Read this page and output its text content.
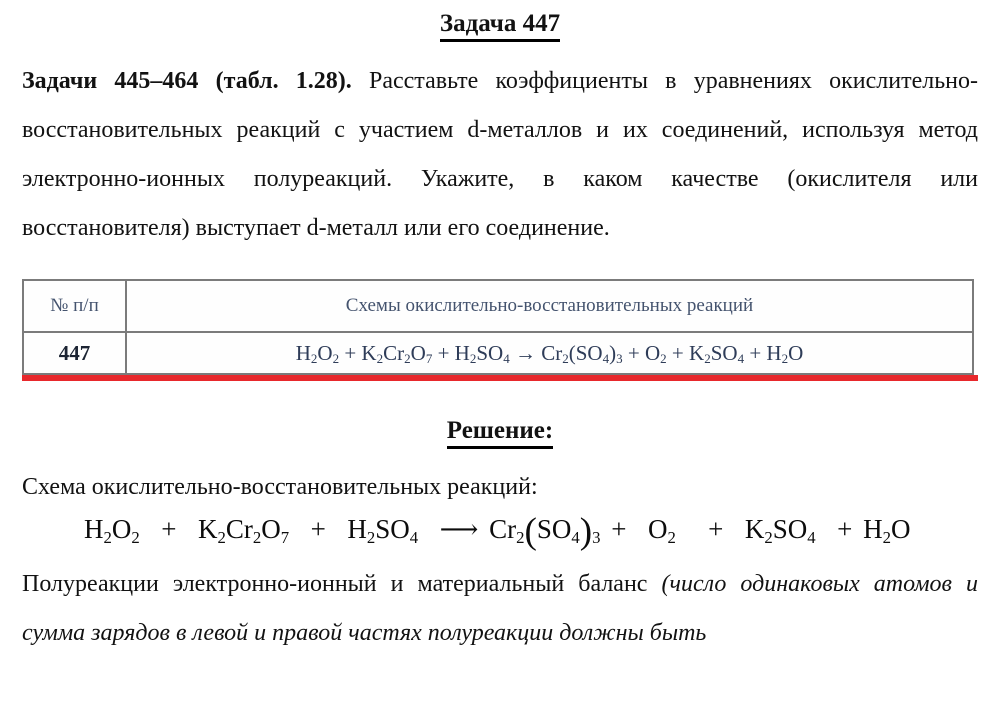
Задача 447

Задачи 445–464 (табл. 1.28). Расставьте коэффициенты в уравнениях окислительно-восстановительных реакций с участием d-металлов и их соединений, используя метод электронно-ионных полуреакций. Укажите, в каком качестве (окислителя или восстановителя) выступает d-металл или его соединение.

№ п/п	Схемы окислительно-восстановительных реакций
447	$H_2O_2 + K_2Cr_2O_7 + H_2SO_4 \to Cr_2(SO_4)_3 + O_2 + K_2SO_4 + H_2O$
Решение:

Схема окислительно-восстановительных реакций:

$H_2O_2 + K_2Cr_2O_7 + H_2SO_4$  ⟶ $Cr_2(SO_4)_3 + O_2 + K_2SO_4 + H_2O$

Полуреакции электронно-ионный и материальный баланс (число одинаковых атомов и сумма зарядов в левой и правой частях полуреакции должны быть
